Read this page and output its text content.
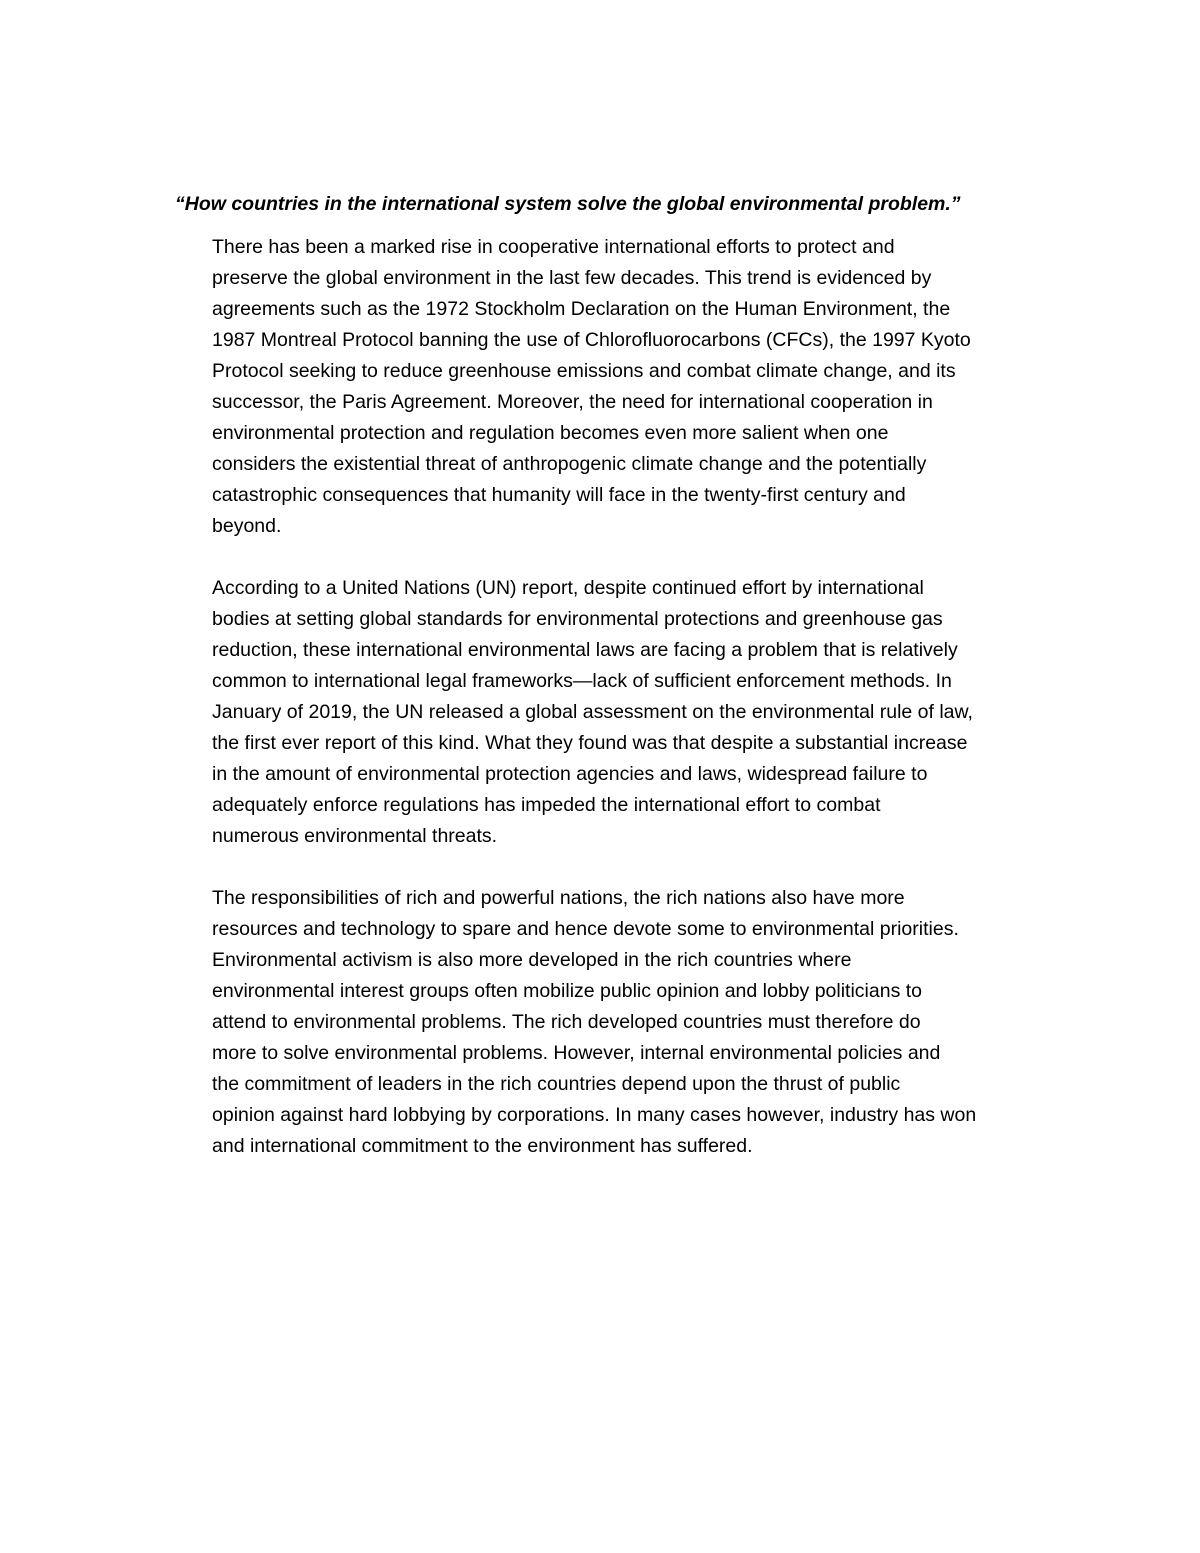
“How countries in the international system solve the global environmental problem.”

There has been a marked rise in cooperative international efforts to protect and
preserve the global environment in the last few decades. This trend is evidenced by
agreements such as the 1972 Stockholm Declaration on the Human Environment, the
1987 Montreal Protocol banning the use of Chlorofluorocarbons (CFCs), the 1997 Kyoto
Protocol seeking to reduce greenhouse emissions and combat climate change, and its
successor, the Paris Agreement. Moreover, the need for international cooperation in
environmental protection and regulation becomes even more salient when one
considers the existential threat of anthropogenic climate change and the potentially
catastrophic consequences that humanity will face in the twenty-first century and
beyond.

According to a United Nations (UN) report, despite continued effort by international
bodies at setting global standards for environmental protections and greenhouse gas
reduction, these international environmental laws are facing a problem that is relatively
common to international legal frameworks—lack of sufficient enforcement methods. In
January of 2019, the UN released a global assessment on the environmental rule of law,
the first ever report of this kind. What they found was that despite a substantial increase
in the amount of environmental protection agencies and laws, widespread failure to
adequately enforce regulations has impeded the international effort to combat
numerous environmental threats.

The responsibilities of rich and powerful nations, the rich nations also have more
resources and technology to spare and hence devote some to environmental priorities.
Environmental activism is also more developed in the rich countries where
environmental interest groups often mobilize public opinion and lobby politicians to
attend to environmental problems. The rich developed countries must therefore do
more to solve environmental problems. However, internal environmental policies and
the commitment of leaders in the rich countries depend upon the thrust of public
opinion against hard lobbying by corporations. In many cases however, industry has won
and international commitment to the environment has suffered.
